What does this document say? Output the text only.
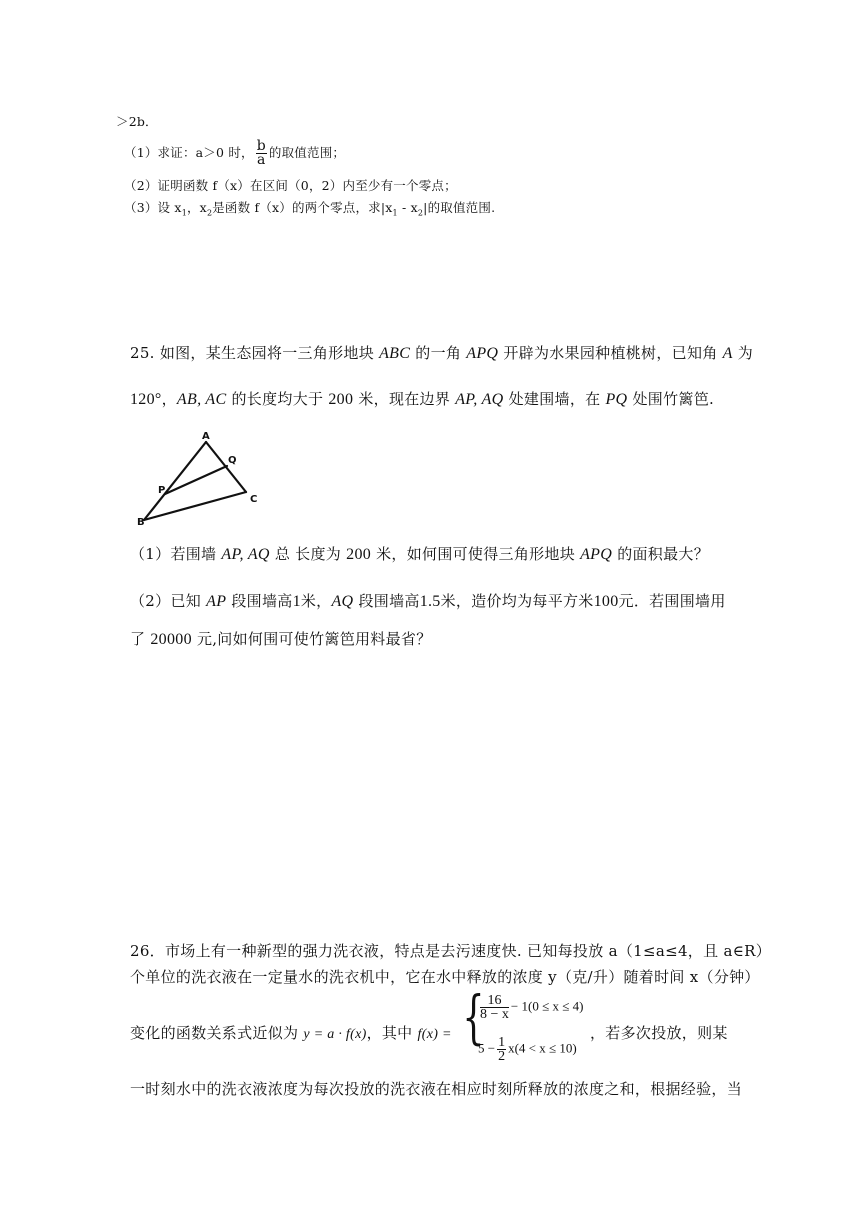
＞2b．
（1）求证：a＞0 时， $\frac{b}{a}$ 的取值范围；
（2）证明函数 f（x）在区间（0，2）内至少有一个零点；
（3）设 $x_1$，$x_2$是函数 f（x）的两个零点，求$|x_1 - x_2|$的取值范围.
25. 如图，某生态园将一三角形地块 ABC 的一角 APQ 开辟为水果园种植桃树，已知角 A 为
120°，AB, AC 的长度均大于 200 米，现在边界 AP, AQ 处建围墙，在 PQ 处围竹篱笆.
A
Q
P
B
C
（1）若围墙 AP, AQ 总 长度为 200 米，如何围可使得三角形地块 APQ 的面积最大？
（2）已知 AP 段围墙高1米，AQ 段围墙高1.5米，造价均为每平方米100元．若围围墙用
了 20000 元,问如何围可使竹篱笆用料最省？
26．市场上有一种新型的强力洗衣液，特点是去污速度快. 已知每投放 a（1≤a≤4，且 a∈R）
个单位的洗衣液在一定量水的洗衣机中，它在水中释放的浓度 y（克/升）随着时间 x（分钟）
变化的函数关系式近似为 y = a · f(x)，其中 f(x) = {
$\frac{16}{8 - x} - 1(0 \le x \le 4)$
$5 - \frac{1}{2} x(4 < x \le 10)$
，若多次投放，则某
一时刻水中的洗衣液浓度为每次投放的洗衣液在相应时刻所释放的浓度之和，根据经验，当
